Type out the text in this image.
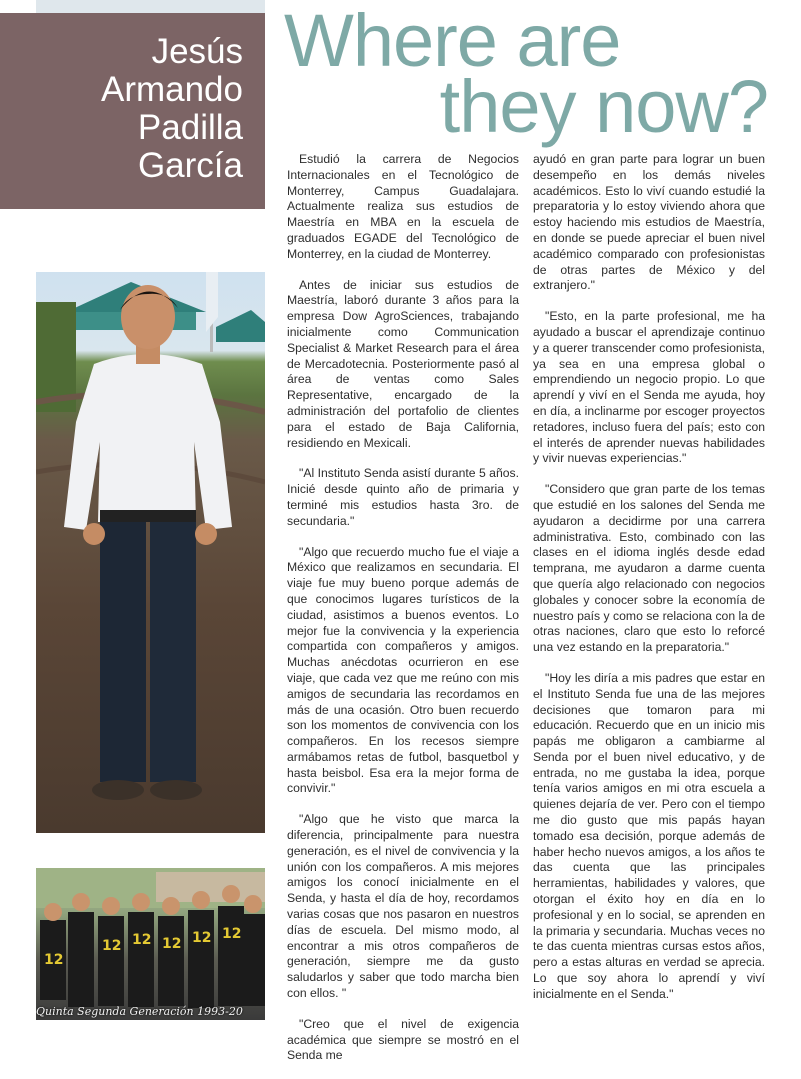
Jesús
Armando
Padilla
García
Where are
they now?
12
12 12 12 12 12
Quinta Segunda Generación 1993-20

Estudió la carrera de Negocios Internacionales en el Tecnológico de Monterrey, Campus Guadalajara. Actualmente realiza sus estudios de Maestría en MBA en la escuela de graduados EGADE del Tecnológico de Monterrey, en la ciudad de Monterrey.

Antes de iniciar sus estudios de Maestría, laboró durante 3 años para la empresa Dow AgroSciences, trabajando inicialmente como Communication Specialist & Market Research para el área de Mercadotecnia. Posteriormente pasó al área de ventas como Sales Representative, encargado de la administración del portafolio de clientes para el estado de Baja California, residiendo en Mexicali.

"Al Instituto Senda asistí durante 5 años. Inicié desde quinto año de primaria y terminé mis estudios hasta 3ro. de secundaria."

"Algo que recuerdo mucho fue el viaje a México que realizamos en secundaria. El viaje fue muy bueno porque además de que conocimos lugares turísticos de la ciudad, asistimos a buenos eventos. Lo mejor fue la convivencia y la experiencia compartida con compañeros y amigos. Muchas anécdotas ocurrieron en ese viaje, que cada vez que me reúno con mis amigos de secundaria las recordamos en más de una ocasión. Otro buen recuerdo son los momentos de convivencia con los compañeros. En los recesos siempre armábamos retas de futbol, basquetbol y hasta beisbol. Esa era la mejor forma de convivir."

"Algo que he visto que marca la diferencia, principalmente para nuestra generación, es el nivel de convivencia y la unión con los compañeros. A mis mejores amigos los conocí inicialmente en el Senda, y hasta el día de hoy, recordamos varias cosas que nos pasaron en nuestros días de escuela. Del mismo modo, al encontrar a mis otros compañeros de generación, siempre me da gusto saludarlos y saber que todo marcha bien con ellos. "

"Creo que el nivel de exigencia académica que siempre se mostró en el Senda me

ayudó en gran parte para lograr un buen desempeño en los demás niveles académicos. Esto lo viví cuando estudié la preparatoria y lo estoy viviendo ahora que estoy haciendo mis estudios de Maestría, en donde se puede apreciar el buen nivel académico comparado con profesionistas de otras partes de México y del extranjero."

"Esto, en la parte profesional, me ha ayudado a buscar el aprendizaje continuo y a querer transcender como profesionista, ya sea en una empresa global o emprendiendo un negocio propio. Lo que aprendí y viví en el Senda me ayuda, hoy en día, a inclinarme por escoger proyectos retadores, incluso fuera del país; esto con el interés de aprender nuevas habilidades y vivir nuevas experiencias."

"Considero que gran parte de los temas que estudié en los salones del Senda me ayudaron a decidirme por una carrera administrativa. Esto, combinado con las clases en el idioma inglés desde edad temprana, me ayudaron a darme cuenta que quería algo relacionado con negocios globales y conocer sobre la economía de nuestro país y como se relaciona con la de otras naciones, claro que esto lo reforcé una vez estando en la preparatoria."

"Hoy les diría a mis padres que estar en el Instituto Senda fue una de las mejores decisiones que tomaron para mi educación. Recuerdo que en un inicio mis papás me obligaron a cambiarme al Senda por el buen nivel educativo, y de entrada, no me gustaba la idea, porque tenía varios amigos en mi otra escuela a quienes dejaría de ver. Pero con el tiempo me dio gusto que mis papás hayan tomado esa decisión, porque además de haber hecho nuevos amigos, a los años te das cuenta que las principales herramientas, habilidades y valores, que otorgan el éxito hoy en día en lo profesional y en lo social, se aprenden en la primaria y secundaria. Muchas veces no te das cuenta mientras cursas estos años, pero a estas alturas en verdad se aprecia. Lo que soy ahora lo aprendí y viví inicialmente en el Senda."
